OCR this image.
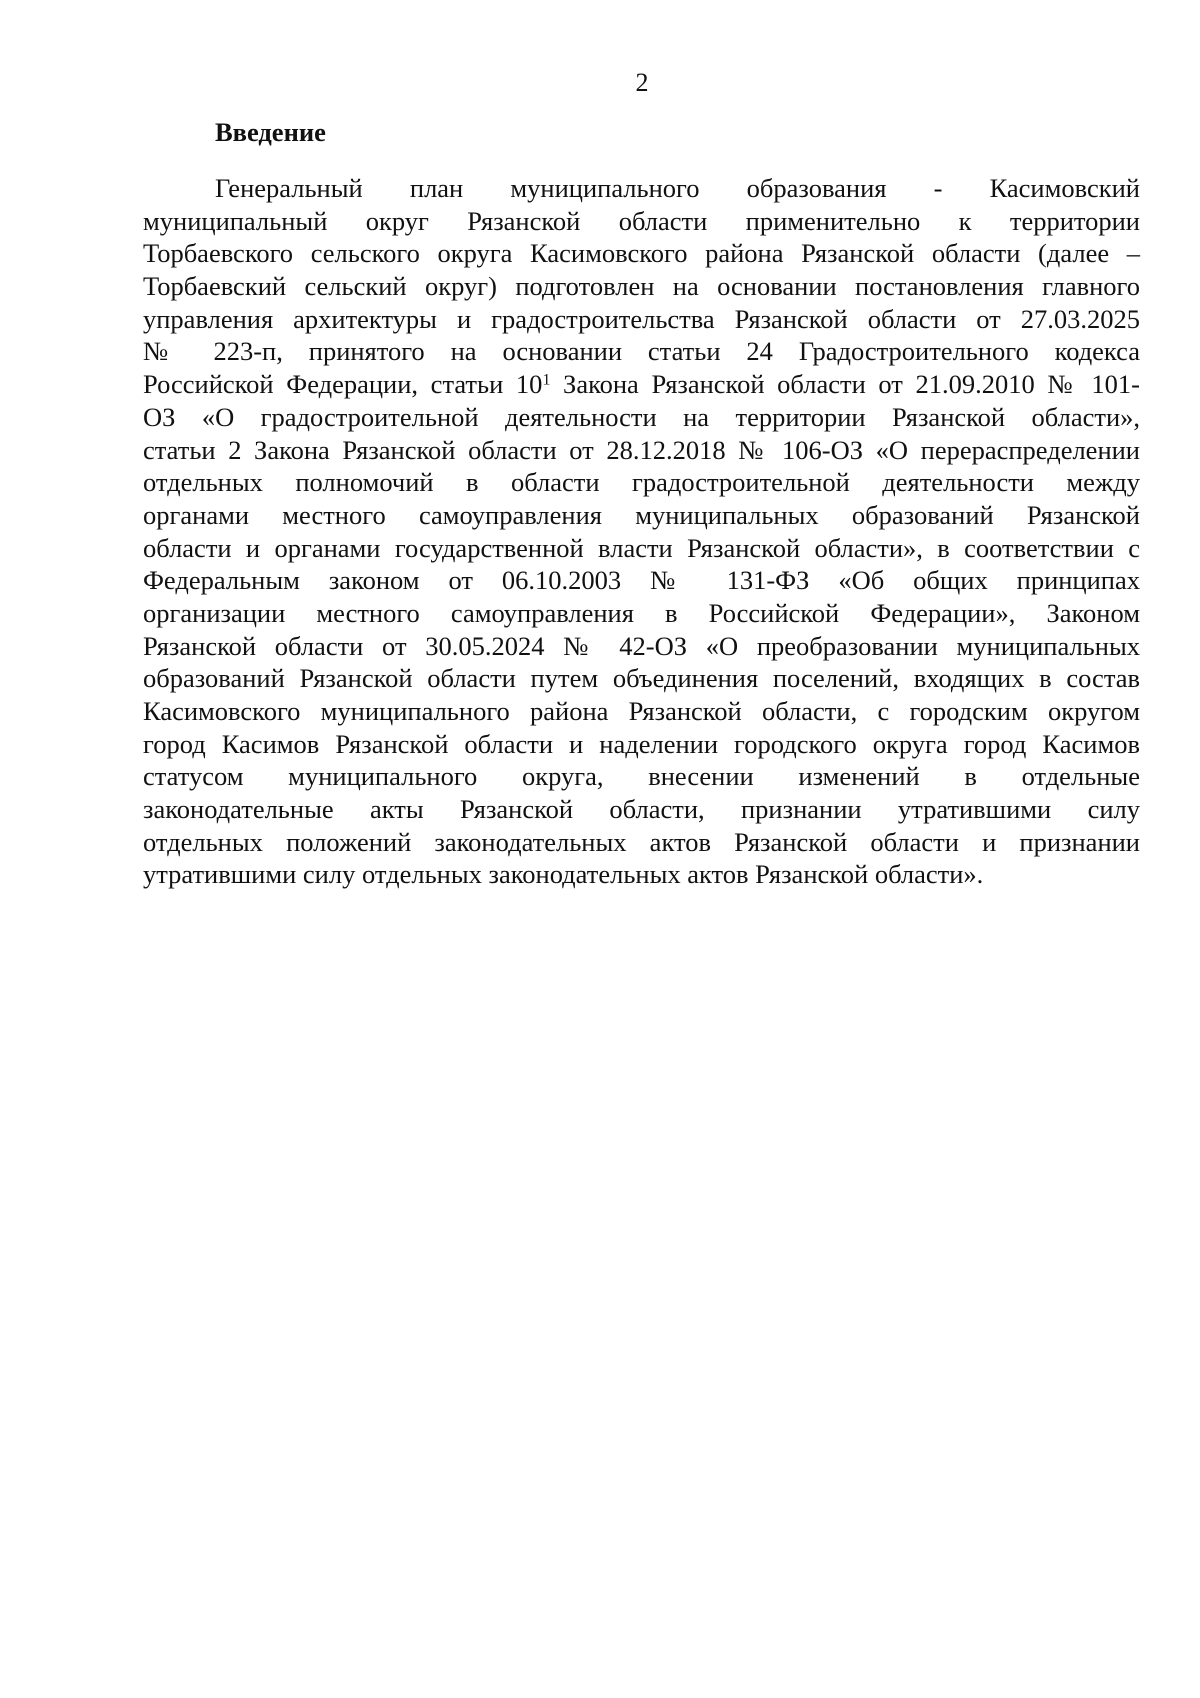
2
Введение
Генеральный план муниципального образования - Касимовский
муниципальный округ Рязанской области применительно к территории
Торбаевского сельского округа Касимовского района Рязанской области (далее –
Торбаевский сельский округ) подготовлен на основании постановления главного
управления архитектуры и градостроительства Рязанской области от 27.03.2025
№ 223-п, принятого на основании статьи 24 Градостроительного кодекса
Российской Федерации, статьи $10^1$ Закона Рязанской области от 21.09.2010 № 101-
ОЗ «О градостроительной деятельности на территории Рязанской области»,
статьи 2 Закона Рязанской области от 28.12.2018 № 106-ОЗ «О перераспределении
отдельных полномочий в области градостроительной деятельности между
органами местного самоуправления муниципальных образований Рязанской
области и органами государственной власти Рязанской области», в соответствии с
Федеральным законом от 06.10.2003 № 131-ФЗ «Об общих принципах
организации местного самоуправления в Российской Федерации», Законом
Рязанской области от 30.05.2024 № 42-ОЗ «О преобразовании муниципальных
образований Рязанской области путем объединения поселений, входящих в состав
Касимовского муниципального района Рязанской области, с городским округом
город Касимов Рязанской области и наделении городского округа город Касимов
статусом муниципального округа, внесении изменений в отдельные
законодательные акты Рязанской области, признании утратившими силу
отдельных положений законодательных актов Рязанской области и признании
утратившими силу отдельных законодательных актов Рязанской области».
